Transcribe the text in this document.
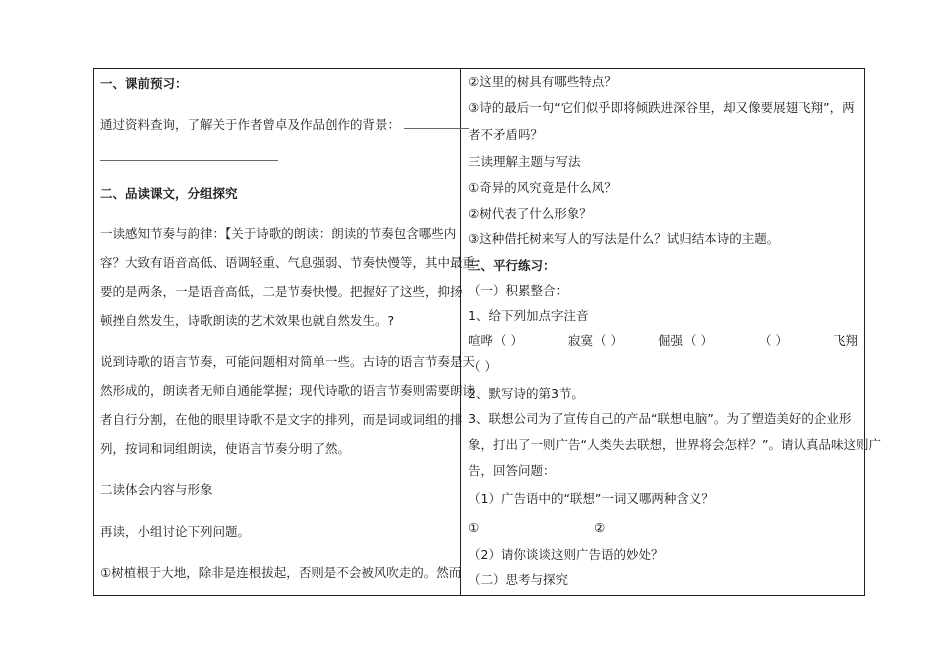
一、课前预习：
通过资料查询，了解关于作者曾卓及作品创作的背景：
二、品读课文，分组探究
一读感知节奏与韵律：【关于诗歌的朗读：朗读的节奏包含哪些内
容？大致有语音高低、语调轻重、气息强弱、节奏快慢等，其中最重
要的是两条，一是语音高低，二是节奏快慢。把握好了这些，抑扬
顿挫自然发生，诗歌朗读的艺术效果也就自然发生。?
说到诗歌的语言节奏，可能问题相对简单一些。古诗的语言节奏是天
然形成的，朗读者无师自通能掌握；现代诗歌的语言节奏则需要朗读
者自行分割，在他的眼里诗歌不是文字的排列，而是词或词组的排
列，按词和词组朗读，使语言节奏分明了然。
二读体会内容与形象
再读，小组讨论下列问题。
①树植根于大地，除非是连根拔起，否则是不会被风吹走的。然而
②这里的树具有哪些特点？
③诗的最后一句“它们似乎即将倾跌进深谷里，却又像要展翅飞翔”，两
者不矛盾吗？
三读理解主题与写法
①奇异的风究竟是什么风？
②树代表了什么形象？
③这种借托树来写人的写法是什么？试归结本诗的主题。
三、平行练习：
（一）积累整合：
1、给下列加点字注音
喧哗 （ ）	寂寞 （ ）	倔强 （ ）	（ ）	飞翔
（ ）
2、默写诗的第3节。
3、联想公司为了宣传自己的产品“联想电脑”。为了塑造美好的企业形
象，打出了一则广告“人类失去联想，世界将会怎样？”。请认真品味这则广
告，回答问题：
（1）广告语中的“联想”一词又哪两种含义？
①	②
（2）请你谈谈这则广告语的妙处？
（二）思考与探究
